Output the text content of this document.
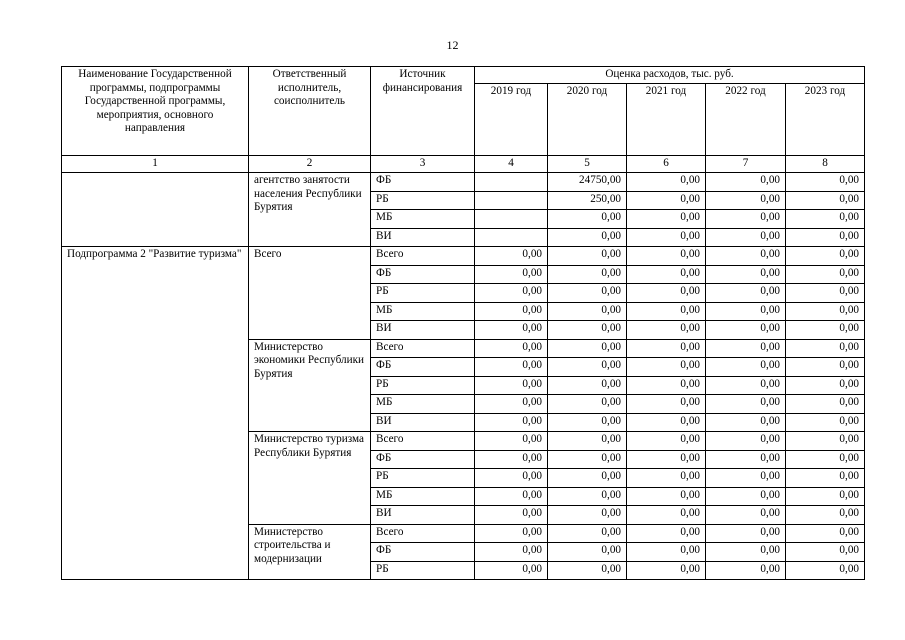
12
Наименование Государственной программы, подпрограммы Государственной программы, мероприятия, основного направления	Ответственный исполнитель, соисполнитель	Источник финансирования	Оценка расходов, тыс. руб.				
			2019 год	2020 год	2021 год	2022 год	2023 год
1	2	3	4	5	6	7	8
	агентство занятости населения Республики Бурятия	ФБ		24750,00	0,00	0,00	0,00
		РБ		250,00	0,00	0,00	0,00
		МБ		0,00	0,00	0,00	0,00
		ВИ		0,00	0,00	0,00	0,00
Подпрограмма 2 "Развитие туризма"	Всего	Всего	0,00	0,00	0,00	0,00	0,00
		ФБ	0,00	0,00	0,00	0,00	0,00
		РБ	0,00	0,00	0,00	0,00	0,00
		МБ	0,00	0,00	0,00	0,00	0,00
		ВИ	0,00	0,00	0,00	0,00	0,00
	Министерство экономики Республики Бурятия	Всего	0,00	0,00	0,00	0,00	0,00
		ФБ	0,00	0,00	0,00	0,00	0,00
		РБ	0,00	0,00	0,00	0,00	0,00
		МБ	0,00	0,00	0,00	0,00	0,00
		ВИ	0,00	0,00	0,00	0,00	0,00
	Министерство туризма Республики Бурятия	Всего	0,00	0,00	0,00	0,00	0,00
		ФБ	0,00	0,00	0,00	0,00	0,00
		РБ	0,00	0,00	0,00	0,00	0,00
		МБ	0,00	0,00	0,00	0,00	0,00
		ВИ	0,00	0,00	0,00	0,00	0,00
	Министерство строительства и модернизации	Всего	0,00	0,00	0,00	0,00	0,00
		ФБ	0,00	0,00	0,00	0,00	0,00
		РБ	0,00	0,00	0,00	0,00	0,00
